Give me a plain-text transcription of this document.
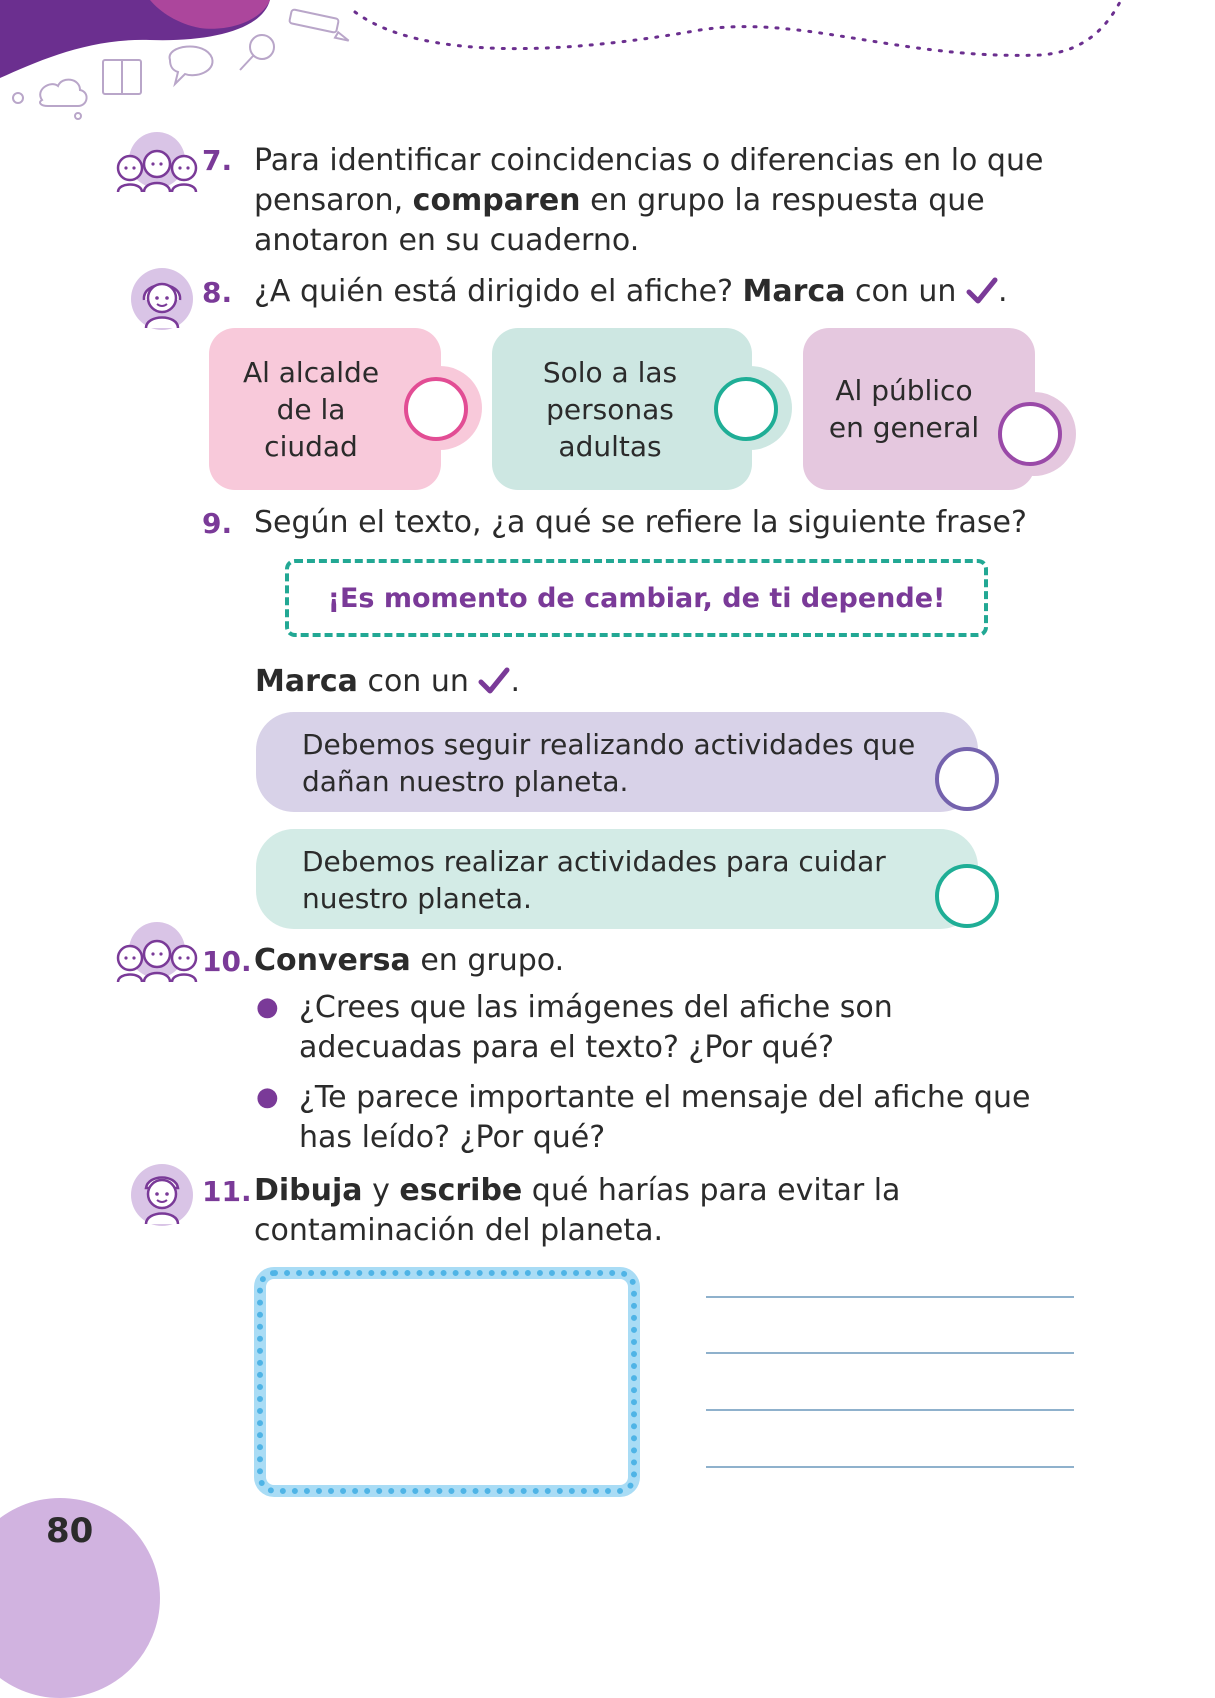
7. Para identificar coincidencias o diferencias en lo que
pensaron, comparen en grupo la respuesta que
anotaron en su cuaderno.
8. ¿A quién está dirigido el afiche? Marca con un .
Al alcalde
de la
ciudad
Solo a las
personas
adultas
Al público
en general
9. Según el texto, ¿a qué se refiere la siguiente frase?
¡Es momento de cambiar, de ti depende!
Marca con un .
Debemos seguir realizando actividades que
dañan nuestro planeta.
Debemos realizar actividades para cuidar
nuestro planeta.
10. Conversa en grupo.
● ¿Crees que las imágenes del afiche son
adecuadas para el texto? ¿Por qué?
● ¿Te parece importante el mensaje del afiche que
has leído? ¿Por qué?
11. Dibuja y escribe qué harías para evitar la
contaminación del planeta.
80
